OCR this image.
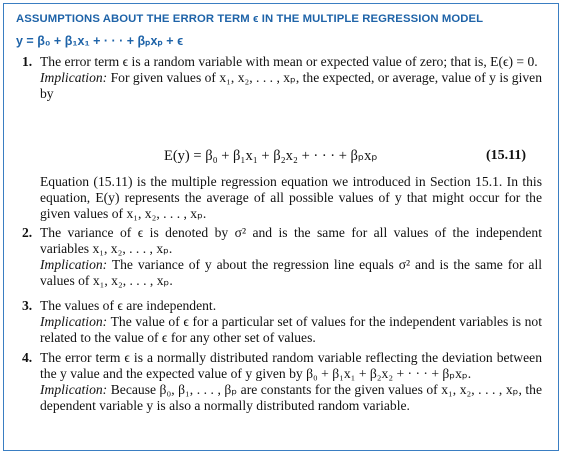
ASSUMPTIONS ABOUT THE ERROR TERM ϵ IN THE MULTIPLE REGRESSION MODEL
y = β₀ + β₁x₁ + · · · + βₚxₚ + ϵ
1. The error term ϵ is a random variable with mean or expected value of zero; that is, E(ϵ) = 0.

Implication: For given values of x₁, x₂, . . . , xₚ, the expected, or average, value of y is given by

E(y) = β₀ + β₁x₁ + β₂x₂ + · · · + βₚxₚ	(15.11)
Equation (15.11) is the multiple regression equation we introduced in Section 15.1. In this equation, E(y) represents the average of all possible values of y that might occur for the given values of x₁, x₂, . . . , xₚ.
2. The variance of ϵ is denoted by σ² and is the same for all values of the independent variables x₁, x₂, . . . , xₚ.

Implication: The variance of y about the regression line equals σ² and is the same for all values of x₁, x₂, . . . , xₚ.

3. The values of ϵ are independent.

Implication: The value of ϵ for a particular set of values for the independent variables is not related to the value of ϵ for any other set of values.

4. The error term ϵ is a normally distributed random variable reflecting the deviation between the y value and the expected value of y given by β₀ + β₁x₁ + β₂x₂ + · · · + βₚxₚ.

Implication: Because β₀, β₁, . . . , βₚ are constants for the given values of x₁, x₂, . . . , xₚ, the dependent variable y is also a normally distributed random variable.
